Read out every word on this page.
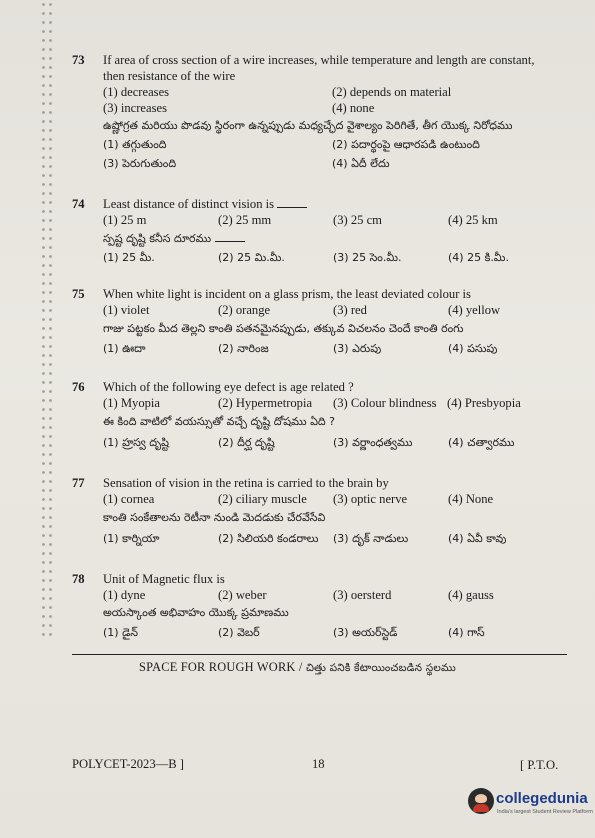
73 If area of cross section of a wire increases, while temperature and length are constant,
then resistance of the wire
(1) decreases	(2) depends on material
(3) increases	(4) none
ఉష్ణోగ్రత మరియు పొడవు స్థిరంగా ఉన్నప్పుడు మధ్యచ్ఛేద వైశాల్యం పెరిగితే, తీగ యొక్క నిరోధము
(1) తగ్గుతుంది	(2) పదార్థంపై ఆధారపడి ఉంటుంది
(3) పెరుగుతుంది	(4) ఏదీ లేదు
74 Least distance of distinct vision is
(1) 25 m	(2) 25 mm	(3) 25 cm	(4) 25 km
స్పష్ట దృష్టి కనీస దూరము
(1) 25 మీ.	(2) 25 మి.మీ.	(3) 25 సెం.మీ.	(4) 25 కి.మీ.
75 When white light is incident on a glass prism, the least deviated colour is
(1) violet	(2) orange	(3) red	(4) yellow
గాజు పట్టకం మీద తెల్లని కాంతి పతనమైనప్పుడు, తక్కువ విచలనం చెందే కాంతి రంగు
(1) ఊదా	(2) నారింజ	(3) ఎరుపు	(4) పసుపు
76 Which of the following eye defect is age related ?
(1) Myopia	(2) Hypermetropia	(3) Colour blindness (4) Presbyopia
ఈ కింది వాటిలో వయస్సుతో వచ్చే దృష్టి దోషము ఏది ?
(1) హ్రస్వ దృష్టి	(2) దీర్ఘ దృష్టి	(3) వర్ణాంధత్వము	(4) చత్వారము
77 Sensation of vision in the retina is carried to the brain by
(1) cornea	(2) ciliary muscle	(3) optic nerve	(4) None
కాంతి సంకేతాలను రెటీనా నుండి మెదడుకు చేరవేసేవి
(1) కార్నియా	(2) సిలియరి కండరాలు	(3) దృక్ నాడులు	(4) ఏవీ కావు
78 Unit of Magnetic flux is
(1) dyne	(2) weber	(3) oersterd	(4) gauss
అయస్కాంత అభివాహం యొక్క ప్రమాణము
(1) డైన్	(2) వెబర్	(3) అయర్‌స్టెడ్	(4) గాస్
SPACE FOR ROUGH WORK / చిత్తు పనికి కేటాయించబడిన స్థలము
POLYCET-2023—B ]	18	[ P.T.O.
collegedunia
India's largest Student Review Platform
